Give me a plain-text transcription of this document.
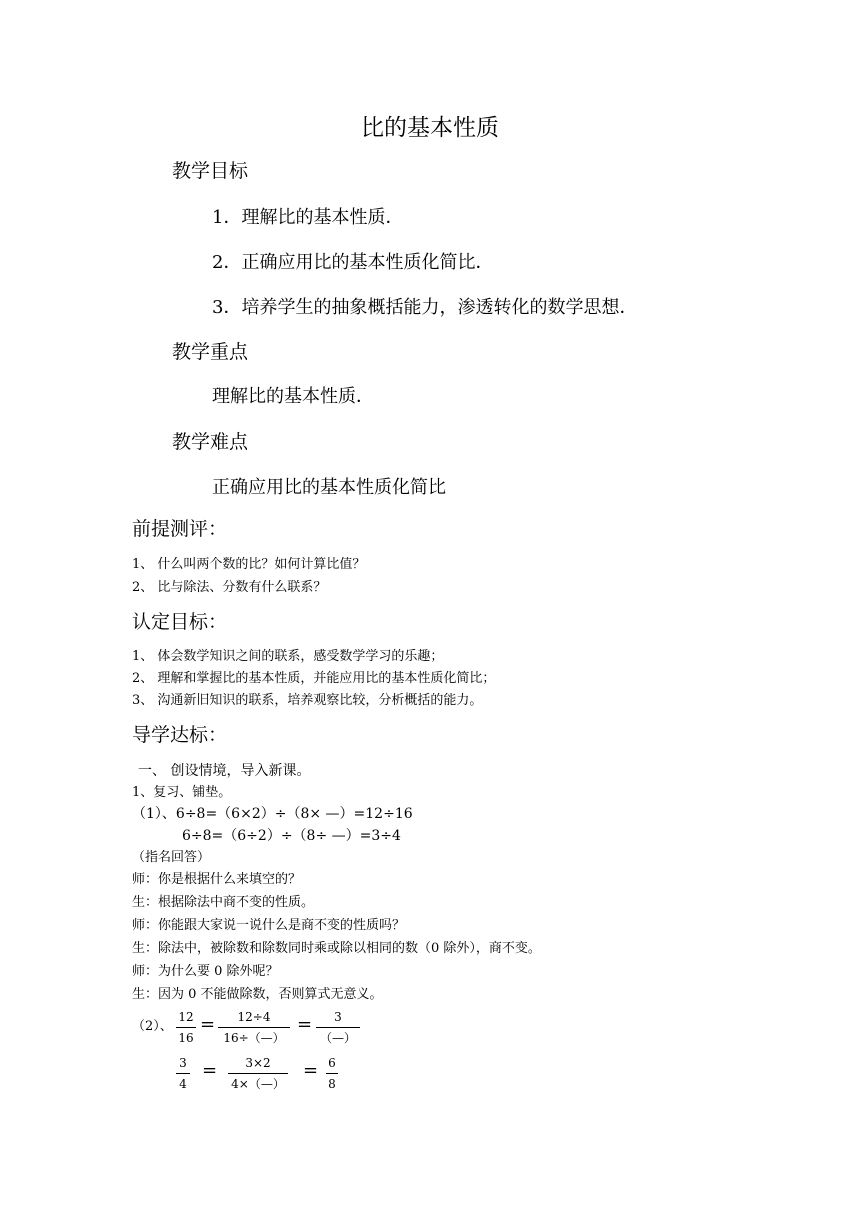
比的基本性质
教学目标
1．理解比的基本性质．
2．正确应用比的基本性质化简比．
3．培养学生的抽象概括能力，渗透转化的数学思想．
教学重点
理解比的基本性质．
教学难点
正确应用比的基本性质化简比
前提测评：
1、 什么叫两个数的比？如何计算比值？
2、 比与除法、分数有什么联系？
认定目标：
1、 体会数学知识之间的联系，感受数学学习的乐趣；
2、 理解和掌握比的基本性质，并能应用比的基本性质化简比；
3、 沟通新旧知识的联系，培养观察比较，分析概括的能力。
导学达标：
一、 创设情境，导入新课。
1、复习、铺垫。
（1）、6÷8=（6×2）÷（8× —）=12÷16
6÷8=（6÷2）÷（8÷ —）=3÷4
（指名回答）
师：你是根据什么来填空的？
生：根据除法中商不变的性质。
师：你能跟大家说一说什么是商不变的性质吗？
生：除法中，被除数和除数同时乘或除以相同的数（0 除外），商不变。
师：为什么要 0 除外呢？
生：因为 0 不能做除数，否则算式无意义。
（2）、
12
16
= 12÷4
16÷（—）
= 3
（—）
3
4
= 3×2
4×（—）
= 6
8
